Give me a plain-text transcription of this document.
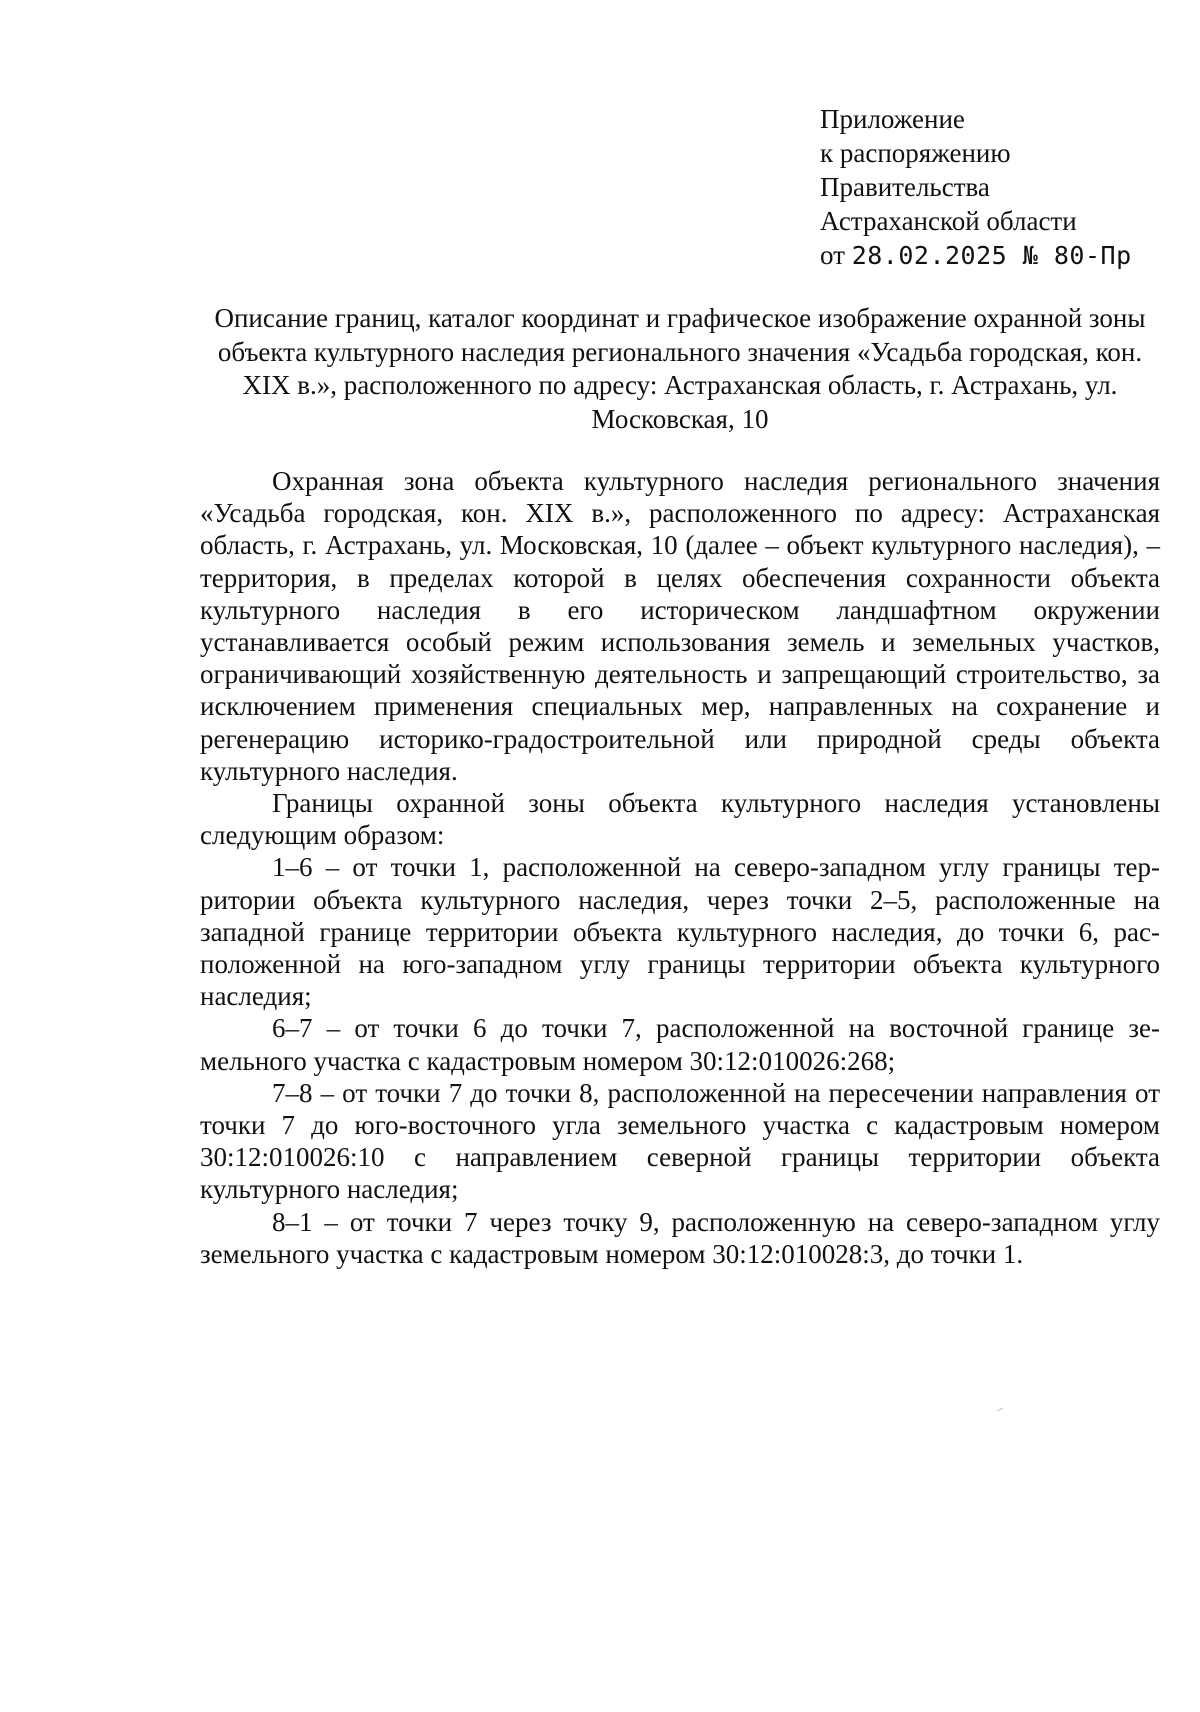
Приложение
к распоряжению
Правительства
Астраханской области
от 28.02.2025 № 80-Пр
Описание границ, каталог координат и графическое изображение охранной зоны объекта культурного наследия регионального значения «Усадьба городская, кон. XIX в.», расположенного по адресу: Астраханская область, г. Астрахань, ул. Московская, 10

Охранная зона объекта культурного наследия регионального значения «Усадьба городская, кон. XIX в.», расположенного по адресу: Астраханская область, г. Астрахань, ул. Московская, 10 (далее – объект культурного наследия), – территория, в пределах которой в целях обеспечения сохранности объекта культурного наследия в его историческом ландшафтном окружении устанавливается особый режим использования земель и земельных участков, ограничивающий хозяйственную деятельность и запрещающий строительство, за исключением применения специальных мер, направленных на сохранение и регенерацию историко-градостроительной или природной среды объекта культурного наследия.

Границы охранной зоны объекта культурного наследия установлены следующим образом:

1–6 – от точки 1, расположенной на северо-западном углу границы территории объекта культурного наследия, через точки 2–5, расположенные на западной границе территории объекта культурного наследия, до точки 6, расположенной на юго-западном углу границы территории объекта культурного наследия;

6–7 – от точки 6 до точки 7, расположенной на восточной границе земельного участка с кадастровым номером 30:12:010026:268;

7–8 – от точки 7 до точки 8, расположенной на пересечении направления от точки 7 до юго-восточного угла земельного участка с кадастровым номером 30:12:010026:10 с направлением северной границы территории объекта культурного наследия;

8–1 – от точки 7 через точку 9, расположенную на северо-западном углу земельного участка с кадастровым номером 30:12:010028:3, до точки 1.
